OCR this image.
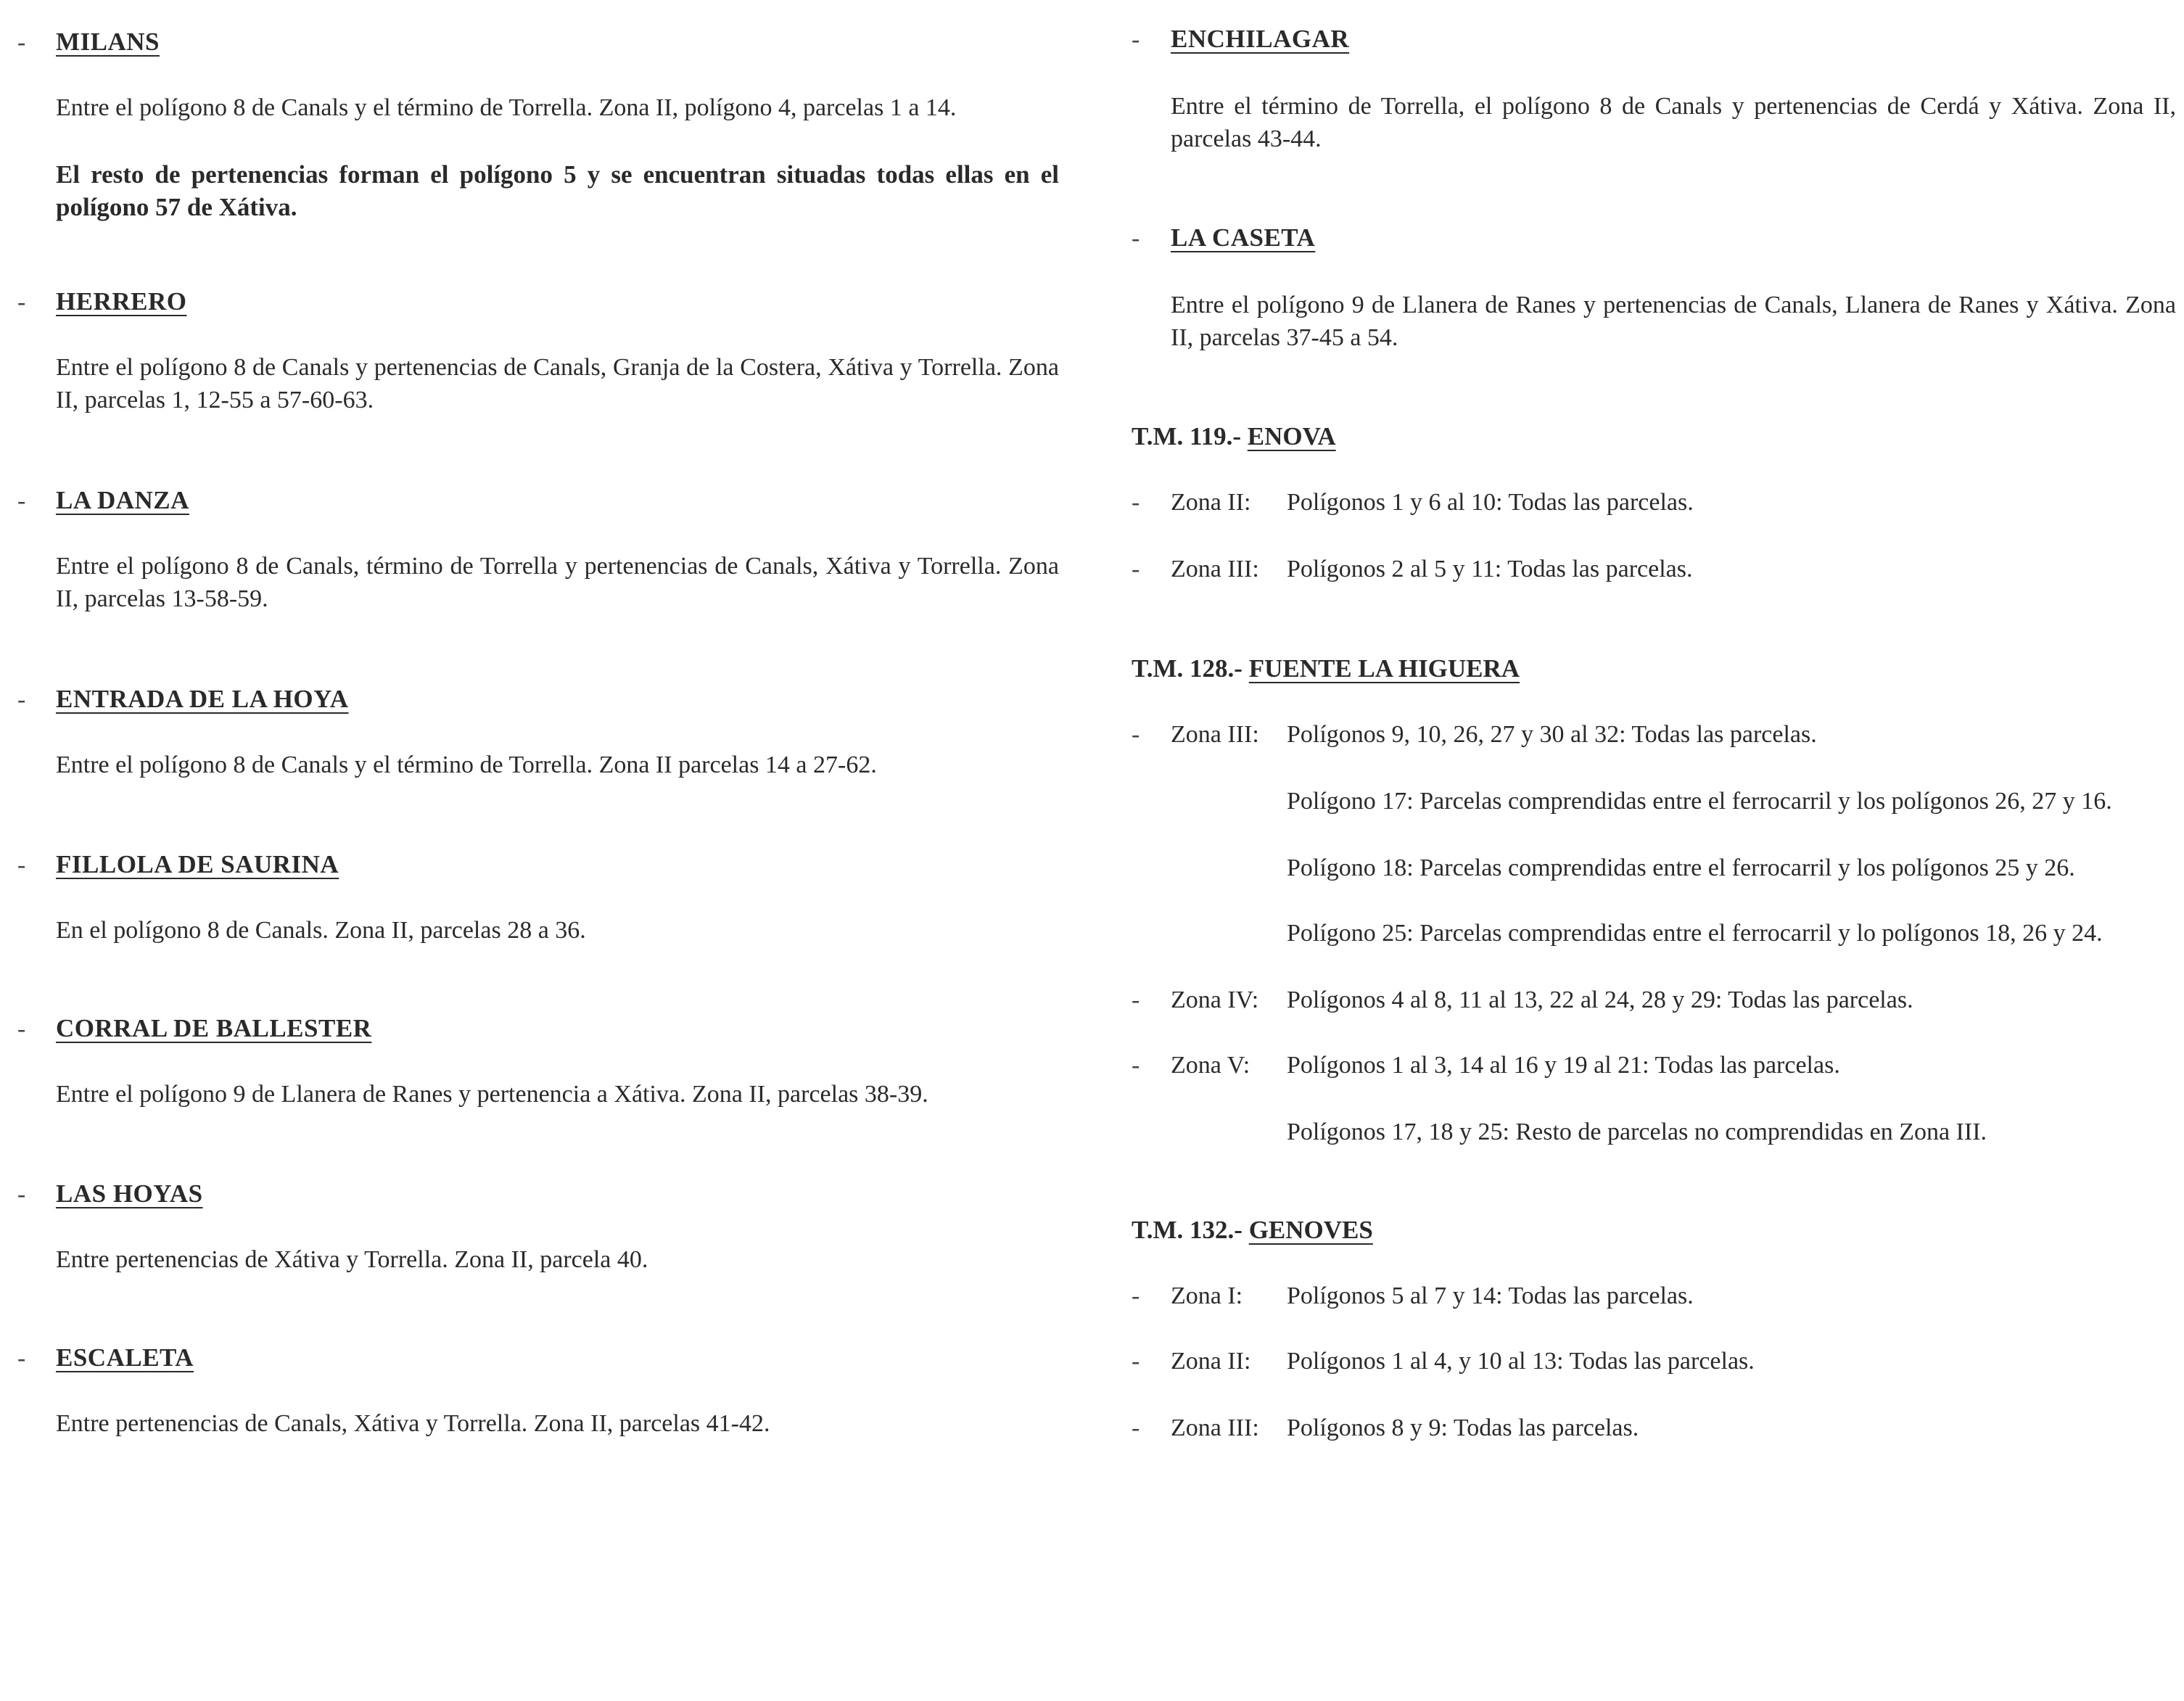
- MILANS
Entre el polígono 8 de Canals y el término de Torrella. Zona II, polígono 4, parcelas 1 a 14.
El resto de pertenencias forman el polígono 5 y se encuentran situadas todas ellas en el polígono 57 de Xátiva.
- HERRERO
Entre el polígono 8 de Canals y pertenencias de Canals, Granja de la Costera, Xátiva y Torrella. Zona II, parcelas 1, 12-55 a 57-60-63.
- LA DANZA
Entre el polígono 8 de Canals, término de Torrella y pertenencias de Canals, Xátiva y Torrella. Zona II, parcelas 13-58-59.
- ENTRADA DE LA HOYA
Entre el polígono 8 de Canals y el término de Torrella. Zona II parcelas 14 a 27-62.
- FILLOLA DE SAURINA
En el polígono 8 de Canals. Zona II, parcelas 28 a 36.
- CORRAL DE BALLESTER
Entre el polígono 9 de Llanera de Ranes y pertenencia a Xátiva. Zona II, parcelas 38-39.
- LAS HOYAS
Entre pertenencias de Xátiva y Torrella. Zona II, parcela 40.
- ESCALETA
Entre pertenencias de Canals, Xátiva y Torrella. Zona II, parcelas 41-42.
- ENCHILAGAR
Entre el término de Torrella, el polígono 8 de Canals y pertenencias de Cerdá y Xátiva. Zona II, parcelas 43-44.
- LA CASETA
Entre el polígono 9 de Llanera de Ranes y pertenencias de Canals, Llanera de Ranes y Xátiva. Zona II, parcelas 37-45 a 54.
T.M. 119.- ENOVA
- Zona II: Polígonos 1 y 6 al 10: Todas las parcelas.
- Zona III: Polígonos 2 al 5 y 11: Todas las parcelas.
T.M. 128.- FUENTE LA HIGUERA
- Zona III: Polígonos 9, 10, 26, 27 y 30 al 32: Todas las parcelas.
Polígono 17: Parcelas comprendidas entre el ferrocarril y los polígonos 26, 27 y 16.
Polígono 18: Parcelas comprendidas entre el ferrocarril y los polígonos 25 y 26.
Polígono 25: Parcelas comprendidas entre el ferrocarril y lo polígonos 18, 26 y 24.
- Zona IV: Polígonos 4 al 8, 11 al 13, 22 al 24, 28 y 29: Todas las parcelas.
- Zona V: Polígonos 1 al 3, 14 al 16 y 19 al 21: Todas las parcelas.
Polígonos 17, 18 y 25: Resto de parcelas no comprendidas en Zona III.
T.M. 132.- GENOVES
- Zona I: Polígonos 5 al 7 y 14: Todas las parcelas.
- Zona II: Polígonos 1 al 4, y 10 al 13: Todas las parcelas.
- Zona III: Polígonos 8 y 9: Todas las parcelas.
